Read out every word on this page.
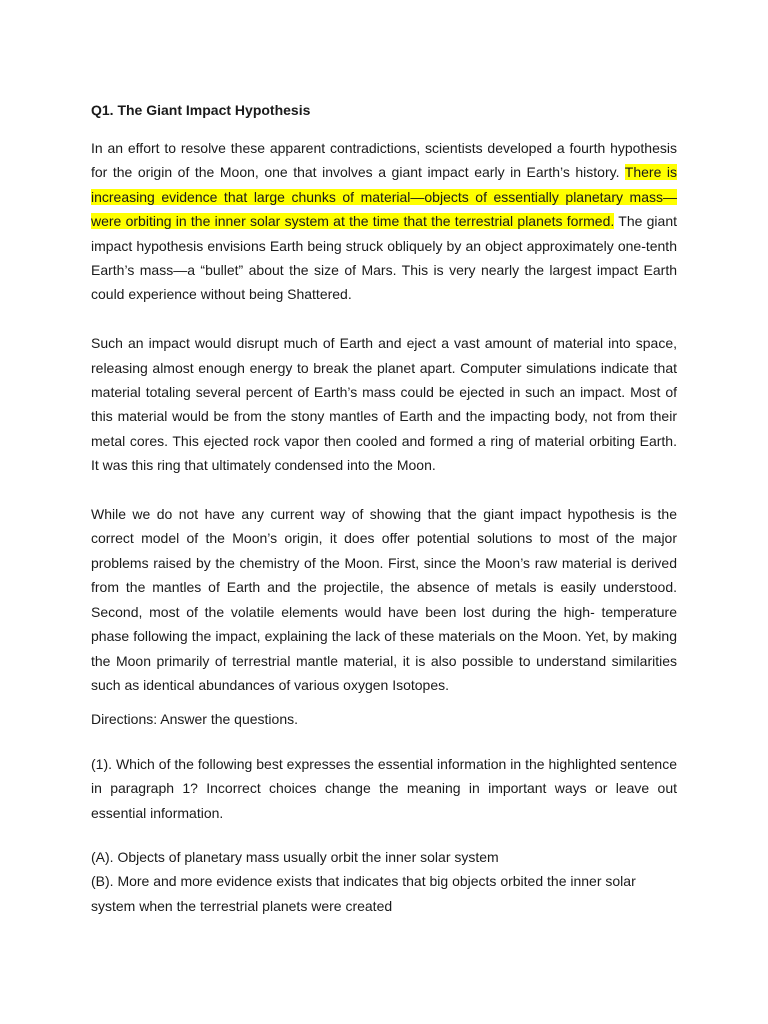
Q1. The Giant Impact Hypothesis

In an effort to resolve these apparent contradictions, scientists developed a fourth hypothesis for the origin of the Moon, one that involves a giant impact early in Earth’s history. There is increasing evidence that large chunks of material—objects of essentially planetary mass—were orbiting in the inner solar system at the time that the terrestrial planets formed. The giant impact hypothesis envisions Earth being struck obliquely by an object approximately one-tenth Earth’s mass—a “bullet” about the size of Mars. This is very nearly the largest impact Earth could experience without being Shattered.

Such an impact would disrupt much of Earth and eject a vast amount of material into space, releasing almost enough energy to break the planet apart. Computer simulations indicate that material totaling several percent of Earth’s mass could be ejected in such an impact. Most of this material would be from the stony mantles of Earth and the impacting body, not from their metal cores. This ejected rock vapor then cooled and formed a ring of material orbiting Earth. It was this ring that ultimately condensed into the Moon.

While we do not have any current way of showing that the giant impact hypothesis is the correct model of the Moon’s origin, it does offer potential solutions to most of the major problems raised by the chemistry of the Moon. First, since the Moon’s raw material is derived from the mantles of Earth and the projectile, the absence of metals is easily understood. Second, most of the volatile elements would have been lost during the high- temperature phase following the impact, explaining the lack of these materials on the Moon. Yet, by making the Moon primarily of terrestrial mantle material, it is also possible to understand similarities such as identical abundances of various oxygen Isotopes.

Directions: Answer the questions.

(1). Which of the following best expresses the essential information in the highlighted sentence in paragraph 1? Incorrect choices change the meaning in important ways or leave out essential information.

(A). Objects of planetary mass usually orbit the inner solar system

(B). More and more evidence exists that indicates that big objects orbited the inner solar system when the terrestrial planets were created
